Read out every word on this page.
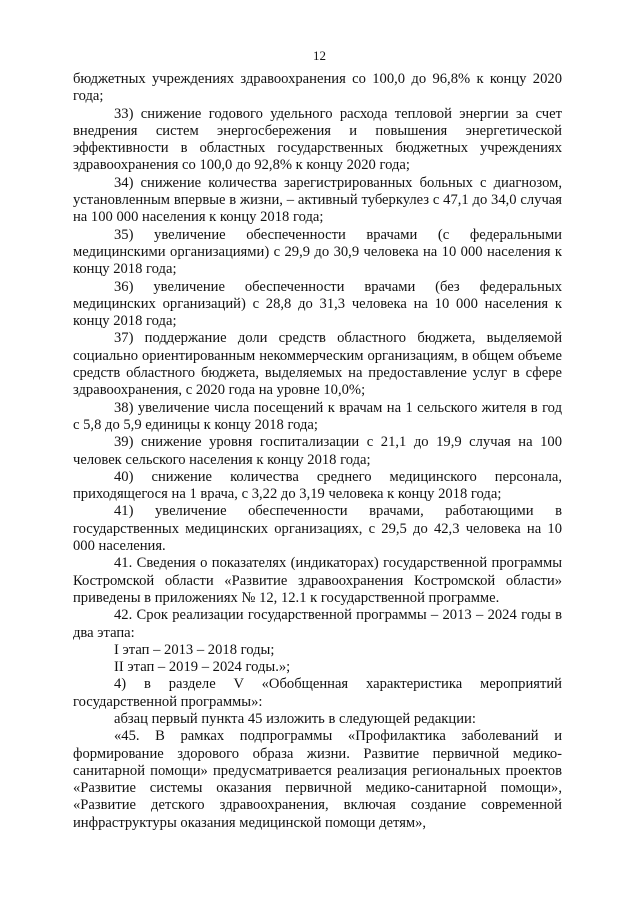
12

бюджетных учреждениях здравоохранения со 100,0 до 96,8% к концу 2020 года;

33) снижение годового удельного расхода тепловой энергии за счет внедрения систем энергосбережения и повышения энергетической эффективности в областных государственных бюджетных учреждениях здравоохранения со 100,0 до 92,8% к концу 2020 года;

34) снижение количества зарегистрированных больных с диагнозом, установленным впервые в жизни, – активный туберкулез с 47,1 до 34,0 случая на 100 000 населения к концу 2018 года;

35) увеличение обеспеченности врачами (с федеральными медицинскими организациями) с 29,9 до 30,9 человека на 10 000 населения к концу 2018 года;

36) увеличение обеспеченности врачами (без федеральных медицинских организаций) с 28,8 до 31,3 человека на 10 000 населения к концу 2018 года;

37) поддержание доли средств областного бюджета, выделяемой социально ориентированным некоммерческим организациям, в общем объеме средств областного бюджета, выделяемых на предоставление услуг в сфере здравоохранения, с 2020 года на уровне 10,0%;

38) увеличение числа посещений к врачам на 1 сельского жителя в год с 5,8 до 5,9 единицы к концу 2018 года;

39) снижение уровня госпитализации с 21,1 до 19,9 случая на 100 человек сельского населения к концу 2018 года;

40) снижение количества среднего медицинского персонала, приходящегося на 1 врача, с 3,22 до 3,19 человека к концу 2018 года;

41) увеличение обеспеченности врачами, работающими в государственных медицинских организациях, с 29,5 до 42,3 человека на 10 000 населения.

41. Сведения о показателях (индикаторах) государственной программы Костромской области «Развитие здравоохранения Костромской области» приведены в приложениях № 12, 12.1 к государственной программе.

42. Срок реализации государственной программы – 2013 – 2024 годы в два этапа:

I этап – 2013 – 2018 годы;

II этап – 2019 – 2024 годы.»;

4) в разделе V «Обобщенная характеристика мероприятий государственной программы»:

абзац первый пункта 45 изложить в следующей редакции:

«45. В рамках подпрограммы «Профилактика заболеваний и формирование здорового образа жизни. Развитие первичной медико-санитарной помощи» предусматривается реализация региональных проектов «Развитие системы оказания первичной медико-санитарной помощи», «Развитие детского здравоохранения, включая создание современной инфраструктуры оказания медицинской помощи детям»,
